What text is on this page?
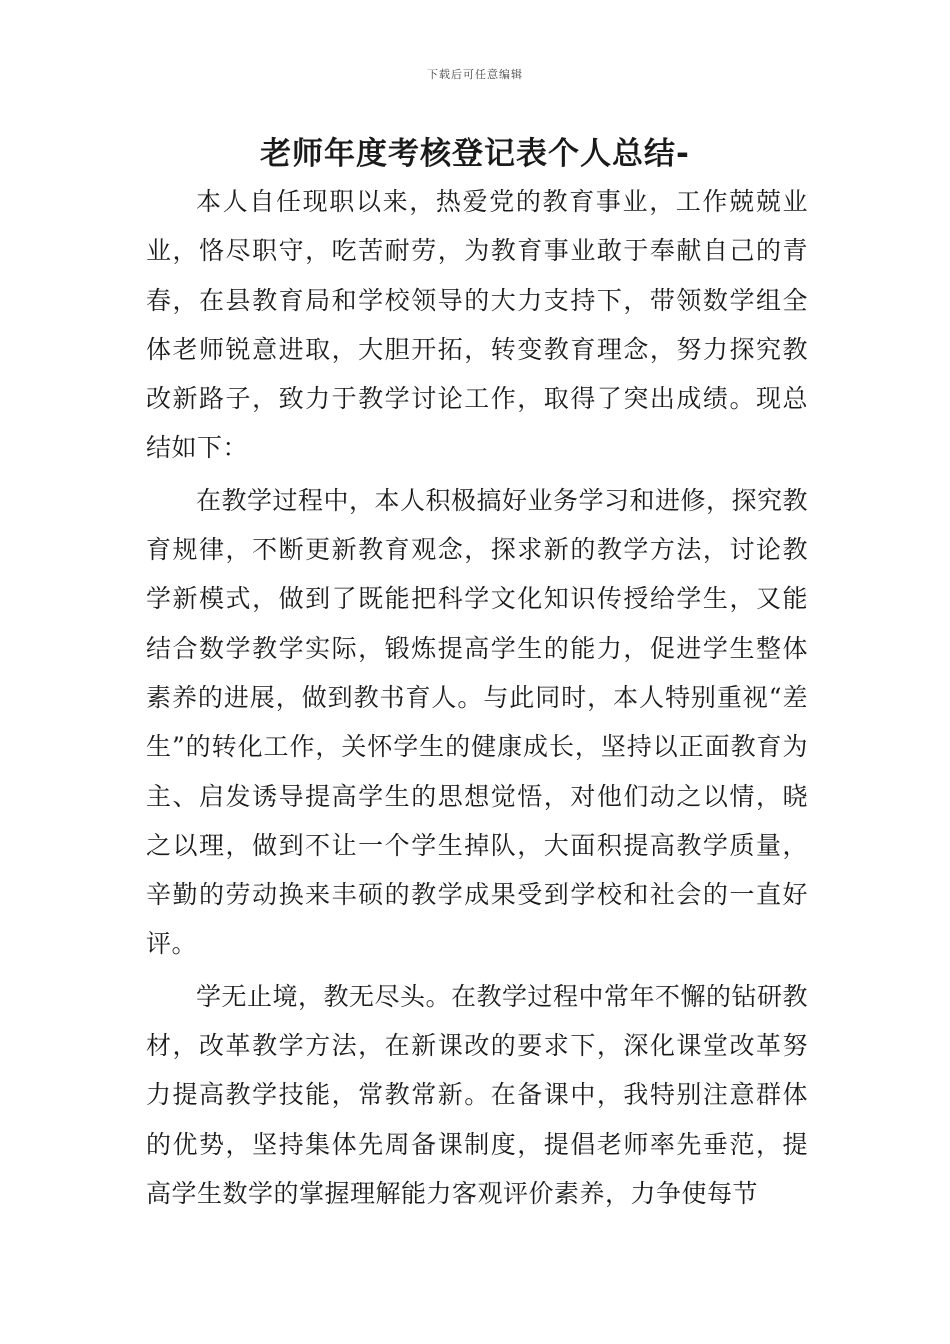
下载后可任意编辑
老师年度考核登记表个人总结-

本人自任现职以来，热爱党的教育事业，工作兢兢业业，恪尽职守，吃苦耐劳，为教育事业敢于奉献自己的青春，在县教育局和学校领导的大力支持下，带领数学组全体老师锐意进取，大胆开拓，转变教育理念，努力探究教改新路子，致力于教学讨论工作，取得了突出成绩。现总结如下：

在教学过程中，本人积极搞好业务学习和进修，探究教育规律，不断更新教育观念，探求新的教学方法，讨论教学新模式，做到了既能把科学文化知识传授给学生，又能结合数学教学实际，锻炼提高学生的能力，促进学生整体素养的进展，做到教书育人。与此同时，本人特别重视“差生”的转化工作，关怀学生的健康成长，坚持以正面教育为主、启发诱导提高学生的思想觉悟，对他们动之以情，晓之以理，做到不让一个学生掉队，大面积提高教学质量，辛勤的劳动换来丰硕的教学成果受到学校和社会的一直好评。

学无止境，教无尽头。在教学过程中常年不懈的钻研教材，改革教学方法，在新课改的要求下，深化课堂改革努力提高教学技能，常教常新。在备课中，我特别注意群体的优势，坚持集体先周备课制度，提倡老师率先垂范，提高学生数学的掌握理解能力客观评价素养，力争使每节
